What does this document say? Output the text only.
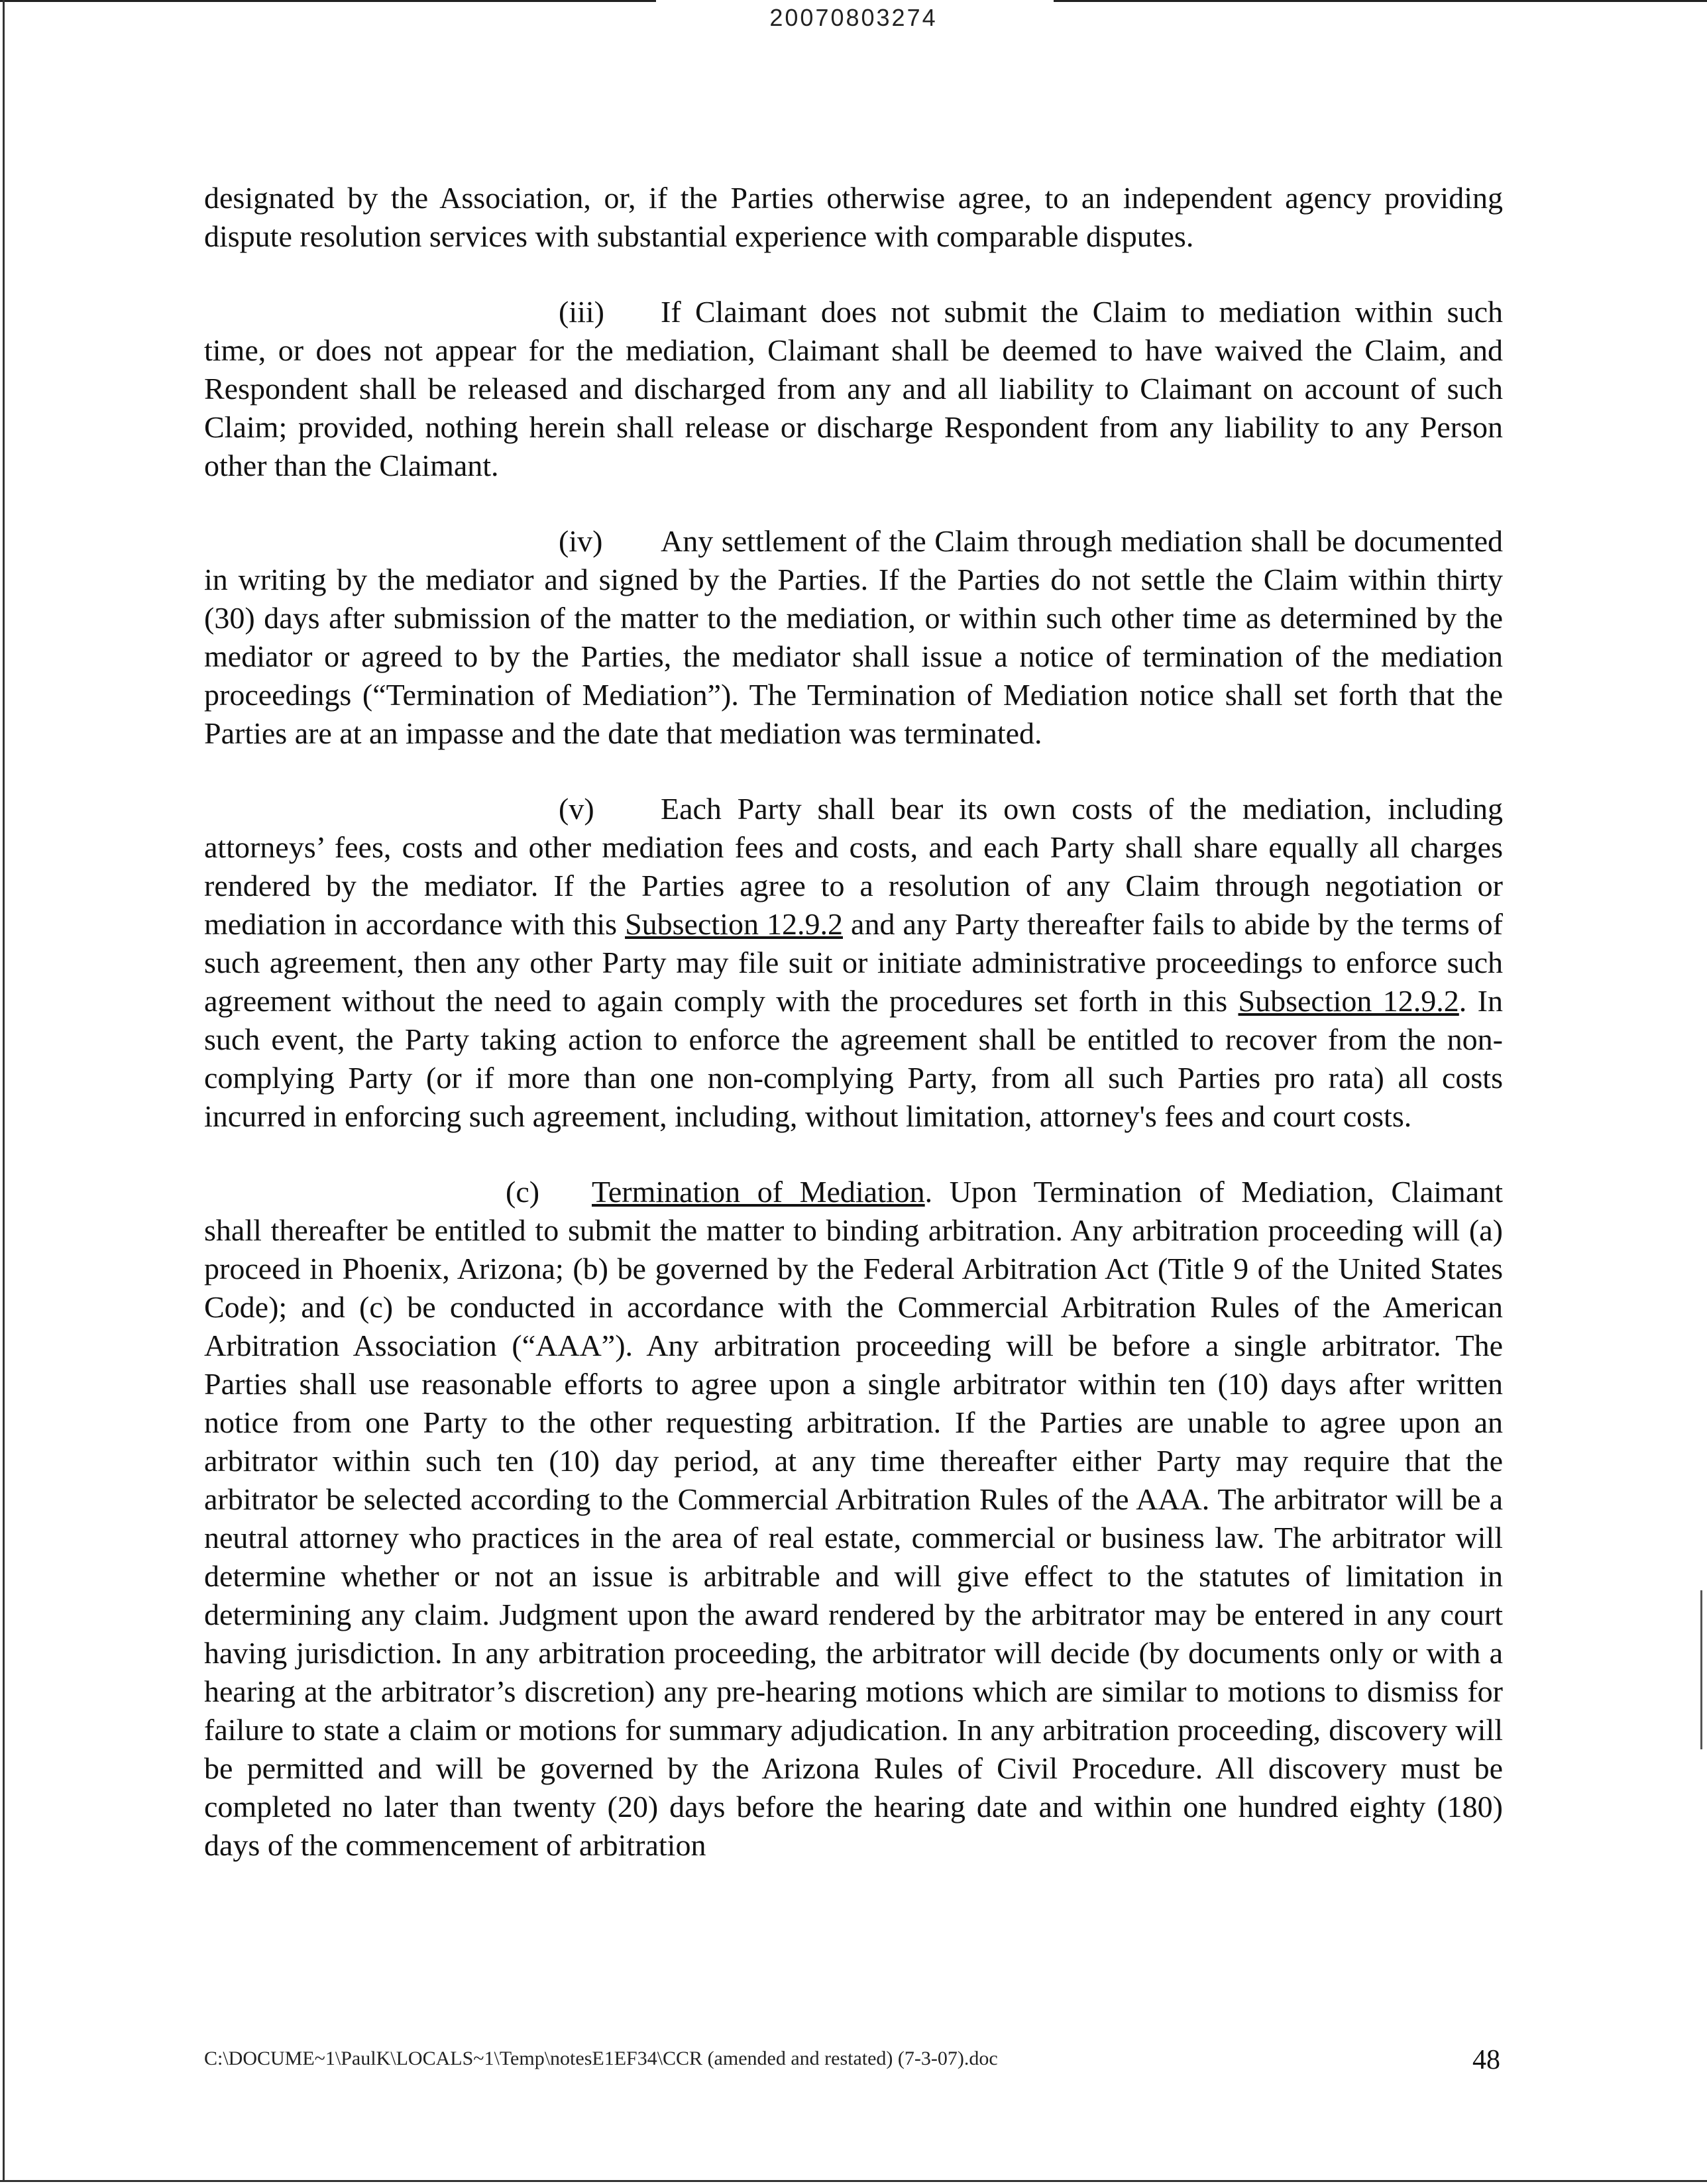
20070803274

designated by the Association, or, if the Parties otherwise agree, to an independent agency providing dispute resolution services with substantial experience with comparable disputes.

(iii) If Claimant does not submit the Claim to mediation within such time, or does not appear for the mediation, Claimant shall be deemed to have waived the Claim, and Respondent shall be released and discharged from any and all liability to Claimant on account of such Claim; provided, nothing herein shall release or discharge Respondent from any liability to any Person other than the Claimant.

(iv) Any settlement of the Claim through mediation shall be documented in writing by the mediator and signed by the Parties. If the Parties do not settle the Claim within thirty (30) days after submission of the matter to the mediation, or within such other time as determined by the mediator or agreed to by the Parties, the mediator shall issue a notice of termination of the mediation proceedings (“Termination of Mediation”). The Termination of Mediation notice shall set forth that the Parties are at an impasse and the date that mediation was terminated.

(v) Each Party shall bear its own costs of the mediation, including attorneys’ fees, costs and other mediation fees and costs, and each Party shall share equally all charges rendered by the mediator. If the Parties agree to a resolution of any Claim through negotiation or mediation in accordance with this Subsection 12.9.2 and any Party thereafter fails to abide by the terms of such agreement, then any other Party may file suit or initiate administrative proceedings to enforce such agreement without the need to again comply with the procedures set forth in this Subsection 12.9.2. In such event, the Party taking action to enforce the agreement shall be entitled to recover from the non-complying Party (or if more than one non-complying Party, from all such Parties pro rata) all costs incurred in enforcing such agreement, including, without limitation, attorney's fees and court costs.

(c) Termination of Mediation. Upon Termination of Mediation, Claimant shall thereafter be entitled to submit the matter to binding arbitration. Any arbitration proceeding will (a) proceed in Phoenix, Arizona; (b) be governed by the Federal Arbitration Act (Title 9 of the United States Code); and (c) be conducted in accordance with the Commercial Arbitration Rules of the American Arbitration Association (“AAA”). Any arbitration proceeding will be before a single arbitrator. The Parties shall use reasonable efforts to agree upon a single arbitrator within ten (10) days after written notice from one Party to the other requesting arbitration. If the Parties are unable to agree upon an arbitrator within such ten (10) day period, at any time thereafter either Party may require that the arbitrator be selected according to the Commercial Arbitration Rules of the AAA. The arbitrator will be a neutral attorney who practices in the area of real estate, commercial or business law. The arbitrator will determine whether or not an issue is arbitrable and will give effect to the statutes of limitation in determining any claim. Judgment upon the award rendered by the arbitrator may be entered in any court having jurisdiction. In any arbitration proceeding, the arbitrator will decide (by documents only or with a hearing at the arbitrator’s discretion) any pre-hearing motions which are similar to motions to dismiss for failure to state a claim or motions for summary adjudication. In any arbitration proceeding, discovery will be permitted and will be governed by the Arizona Rules of Civil Procedure. All discovery must be completed no later than twenty (20) days before the hearing date and within one hundred eighty (180) days of the commencement of arbitration

C:\DOCUME~1\PaulK\LOCALS~1\Temp\notesE1EF34\CCR (amended and restated) (7-3-07).doc	48
